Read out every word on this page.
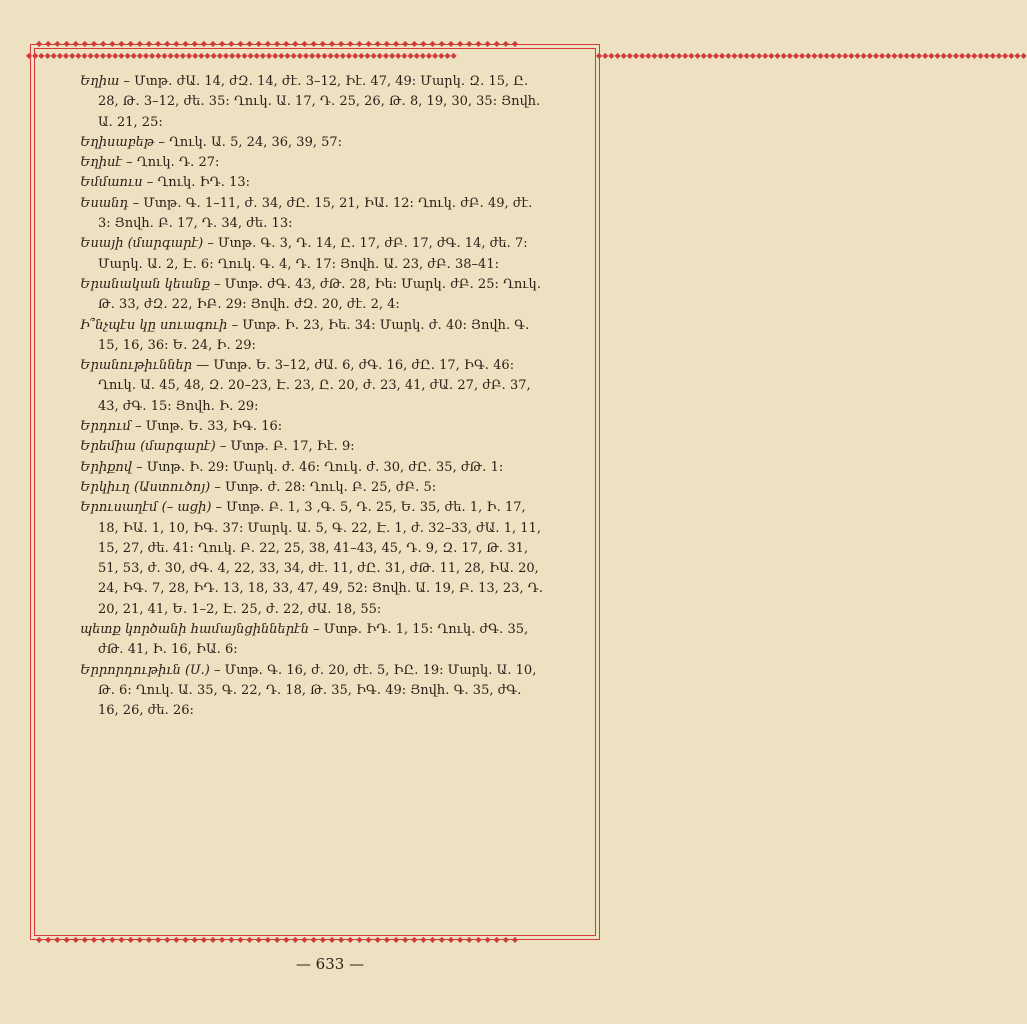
◆◆◆◆◆◆◆◆◆◆◆◆◆◆◆◆◆◆◆◆◆◆◆◆◆◆◆◆◆◆◆◆◆◆◆◆◆◆◆◆◆◆◆◆◆◆◆◆◆◆◆◆◆
◆◆◆◆◆◆◆◆◆◆◆◆◆◆◆◆◆◆◆◆◆◆◆◆◆◆◆◆◆◆◆◆◆◆◆◆◆◆◆◆◆◆◆◆◆◆◆◆◆◆◆◆◆
◆◆◆◆◆◆◆◆◆◆◆◆◆◆◆◆◆◆◆◆◆◆◆◆◆◆◆◆◆◆◆◆◆◆◆◆◆◆◆◆◆◆◆◆◆◆◆◆◆◆◆◆◆◆◆◆◆◆◆◆◆◆◆◆◆◆◆◆◆◆	◆◆◆◆◆◆◆◆◆◆◆◆◆◆◆◆◆◆◆◆◆◆◆◆◆◆◆◆◆◆◆◆◆◆◆◆◆◆◆◆◆◆◆◆◆◆◆◆◆◆◆◆◆◆◆◆◆◆◆◆◆◆◆◆◆◆◆◆◆◆

Եղիա – Մտթ․ ժԱ․ 14, ժԶ․ 14, ժէ․ 3–12, Իէ․ 47, 49: Մարկ․ Զ․ 15, Ը․ 28, Թ․ 3–12, ժե․ 35: Ղուկ․ Ա․ 17, Դ․ 25, 26, Թ․ 8, 19, 30, 35: Յովհ․ Ա․ 21, 25:

Եղիսաբեթ – Ղուկ․ Ա․ 5, 24, 36, 39, 57:

Եղիսէ – Ղուկ․ Դ․ 27:

Եմմաուս – Ղուկ․ ԻԴ․ 13:

Եսանդ – Մտթ․ Գ․ 1–11, ժ․ 34, ժԸ․ 15, 21, ԻԱ․ 12: Ղուկ․ ժԲ․ 49, ժէ․ 3: Յովհ․ Բ․ 17, Դ․ 34, ժե․ 13:

Եսայի (մարգարէ) – Մտթ․ Գ․ 3, Դ․ 14, Ը․ 17, ժԲ․ 17, ժԳ․ 14, ժե․ 7: Մարկ․ Ա․ 2, Է․ 6: Ղուկ․ Գ․ 4, Դ․ 17: Յովհ․ Ա․ 23, ժԲ․ 38–41:

Երանական կեանք – Մտթ․ ժԳ․ 43, ժԹ․ 28, Իե: Մարկ․ ժԲ․ 25: Ղուկ․ Թ․ 33, ժԶ․ 22, ԻԲ․ 29: Յովհ․ ժԶ․ 20, ժէ․ 2, 4:

Ի՞նչպէս կը սուագուի – Մտթ․ Ի․ 23, Իե․ 34: Մարկ․ ժ․ 40: Յովհ․ Գ․ 15, 16, 36: Ե․ 24, Ի․ 29:

Երանութիւններ — Մտթ․ Ե․ 3–12, ժԱ․ 6, ժԳ․ 16, ժԸ․ 17, ԻԳ․ 46: Ղուկ․ Ա․ 45, 48, Զ․ 20–23, Է․ 23, Ը․ 20, ժ․ 23, 41, ժԱ․ 27, ժԲ․ 37, 43, ժԳ․ 15: Յովհ․ Ի․ 29:

Երդում – Մտթ․ Ե․ 33, ԻԳ․ 16:

Երեմիա (մարգարէ) – Մտթ․ Բ․ 17, Իէ․ 9:

Երիքով – Մտթ․ Ի․ 29: Մարկ․ ժ․ 46: Ղուկ․ ժ․ 30, ժԸ․ 35, ժԹ․ 1:

Երկիւղ (Աստուծոյ) – Մտթ․ ժ․ 28: Ղուկ․ Բ․ 25, ժԲ․ 5:

Երուսաղէմ (– ացի) – Մտթ․ Բ․ 1, 3 ,Գ․ 5, Դ․ 25, Ե․ 35, ժե․ 1, Ի․ 17, 18, ԻԱ․ 1, 10, ԻԳ․ 37: Մարկ․ Ա․ 5, Գ․ 22, Է․ 1, ժ․ 32–33, ժԱ․ 1, 11, 15, 27, ժե․ 41: Ղուկ․ Բ․ 22, 25, 38, 41–43, 45, Դ․ 9, Զ․ 17, Թ․ 31, 51, 53, ժ․ 30, ժԳ․ 4, 22, 33, 34, ժէ․ 11, ժԸ․ 31, ժԹ․ 11, 28, ԻԱ․ 20, 24, ԻԳ․ 7, 28, ԻԴ․ 13, 18, 33, 47, 49, 52: Յովհ․ Ա․ 19, Բ․ 13, 23, Դ․ 20, 21, 41, Ե․ 1–2, Է․ 25, ժ․ 22, ժԱ․ 18, 55:

պետք կործանի համայնցիններէն – Մտթ․ ԻԴ․ 1, 15: Ղուկ․ ժԳ․ 35, ժԹ․ 41, Ի․ 16, ԻԱ․ 6:

Երրորդութիւն (Ս․) – Մտթ․ Գ․ 16, ժ․ 20, ժէ․ 5, ԻԸ․ 19: Մարկ․ Ա․ 10, Թ․ 6: Ղուկ․ Ա․ 35, Գ․ 22, Դ․ 18, Թ․ 35, ԻԳ․ 49: Յովհ․ Գ․ 35, ժԳ․ 16, 26, ժե․ 26:

— 633 —
